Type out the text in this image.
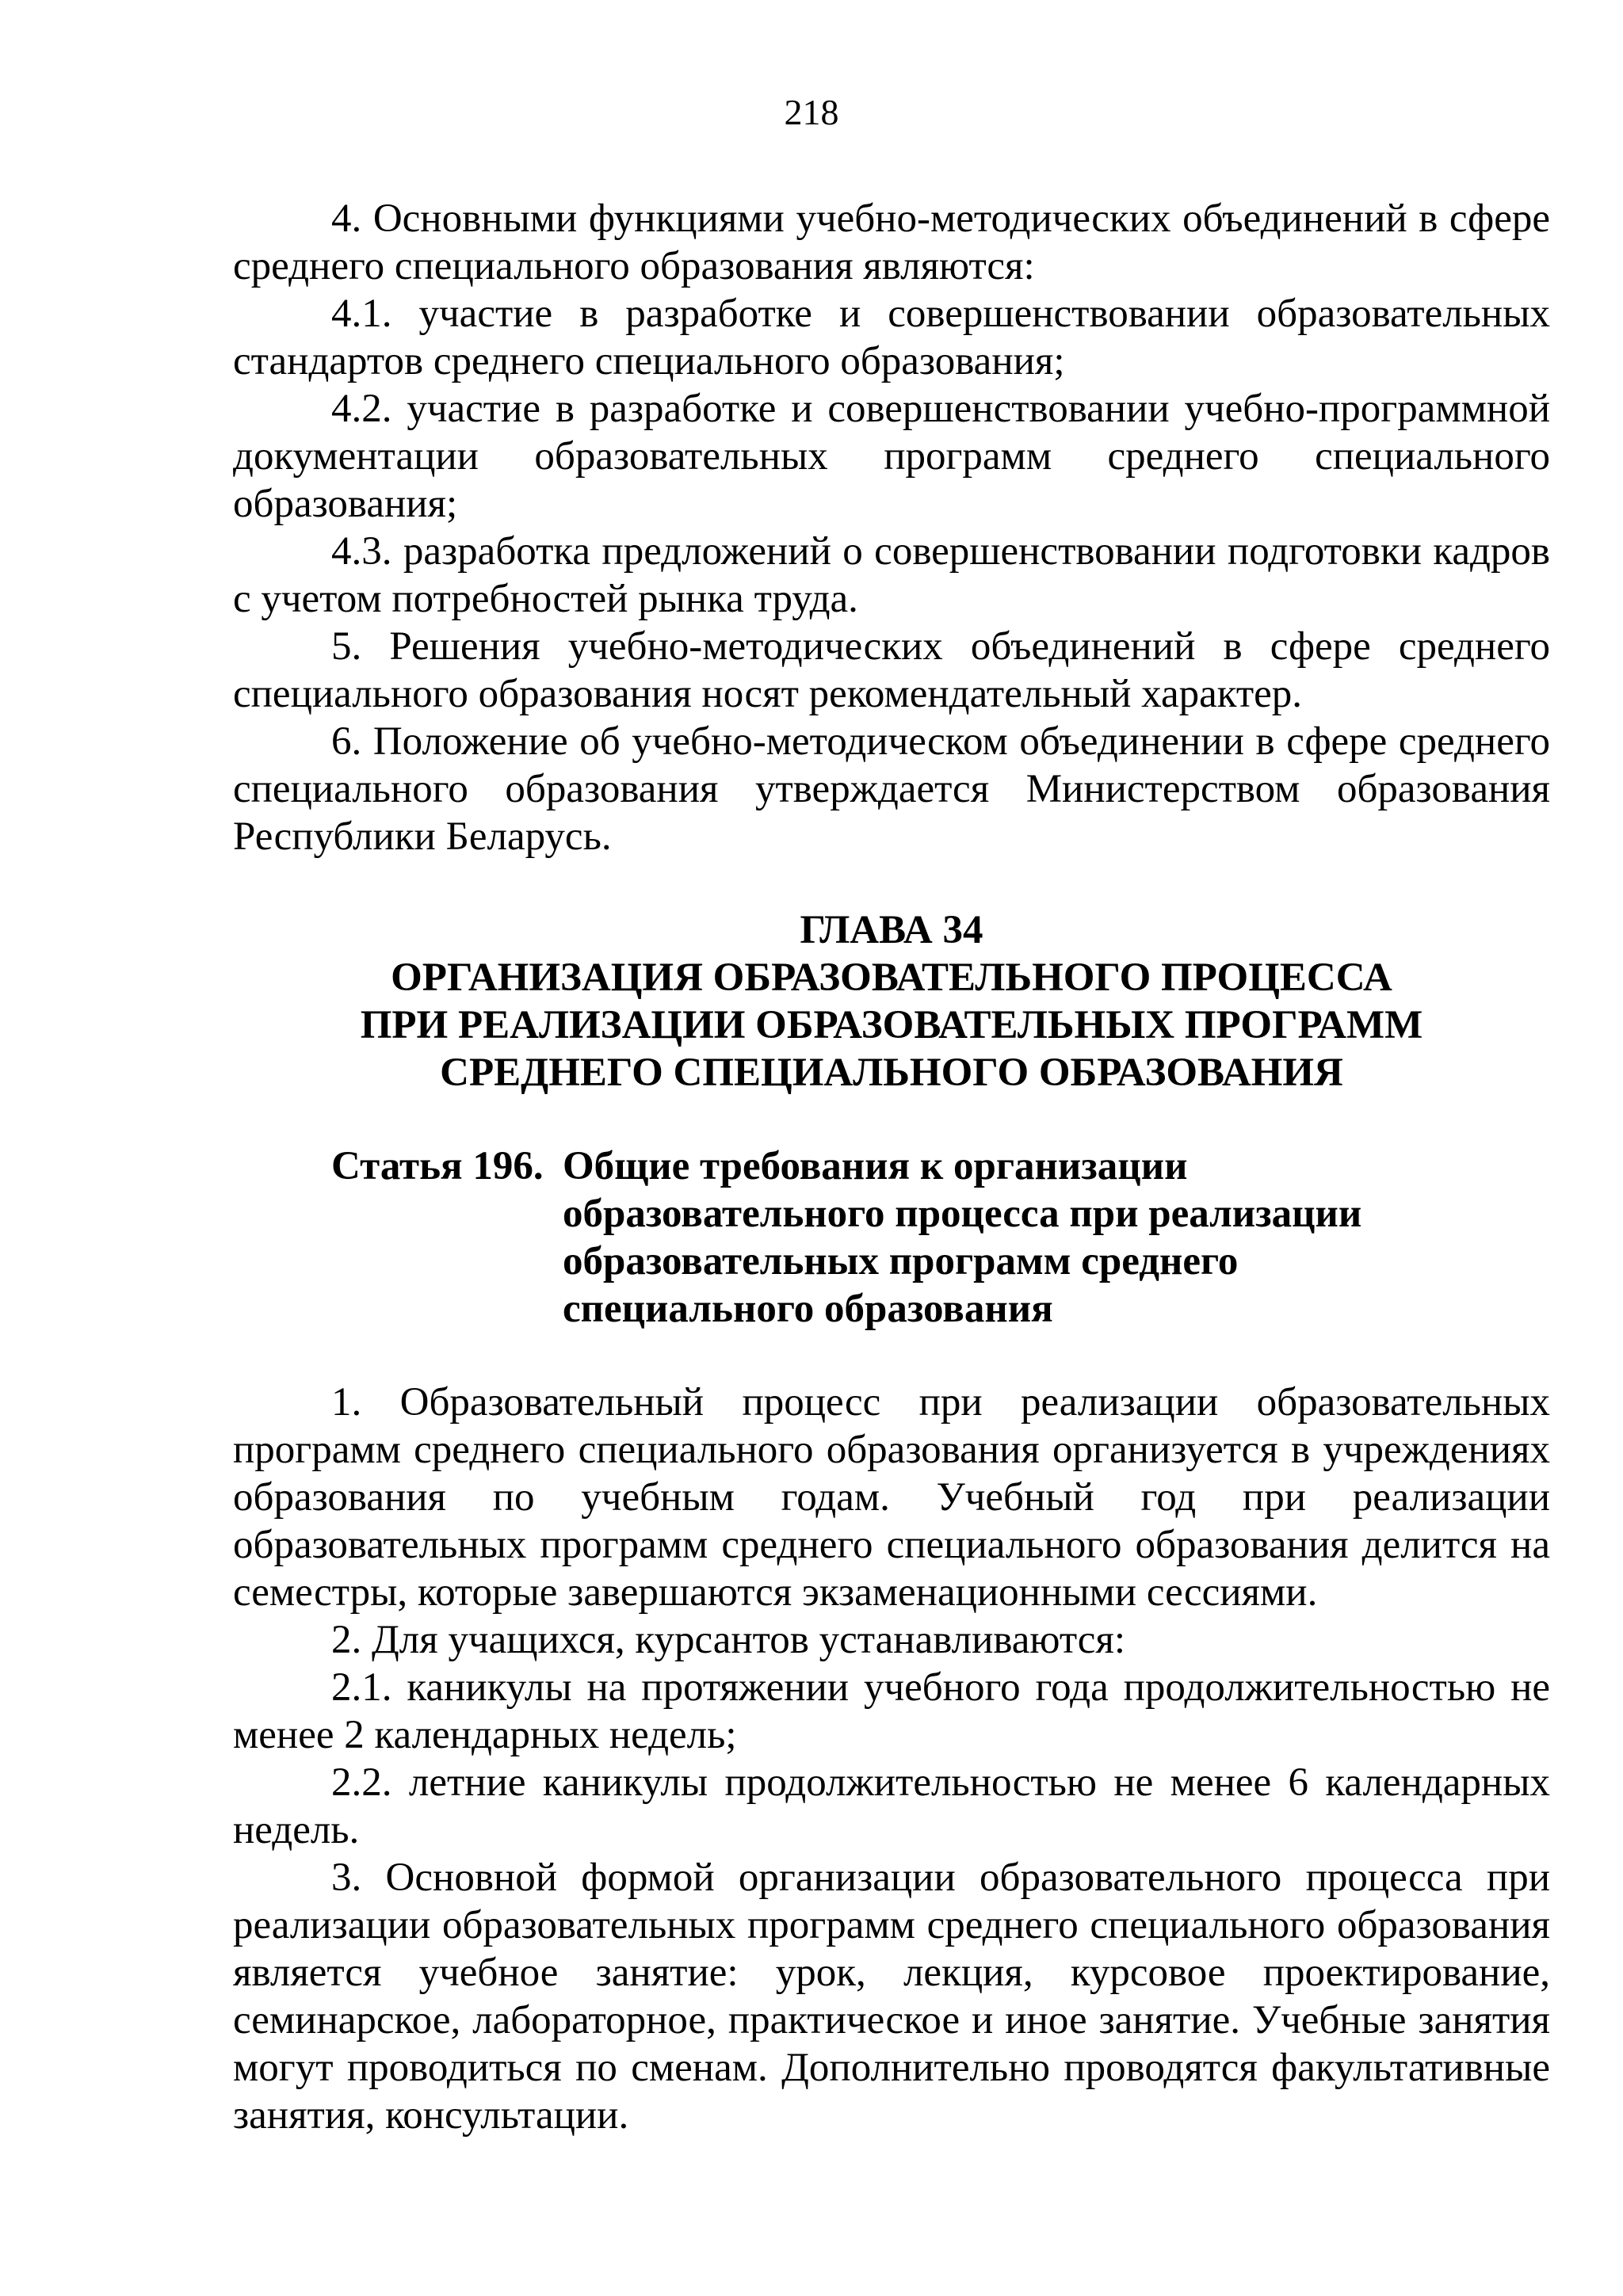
218

4. Основными функциями учебно-методических объединений в сфере среднего специального образования являются:

4.1. участие в разработке и совершенствовании образовательных стандартов среднего специального образования;

4.2. участие в разработке и совершенствовании учебно-программной документации образовательных программ среднего специального образования;

4.3. разработка предложений о совершенствовании подготовки кадров с учетом потребностей рынка труда.

5. Решения учебно-методических объединений в сфере среднего специального образования носят рекомендательный характер.

6. Положение об учебно-методическом объединении в сфере среднего специального образования утверждается Министерством образования Республики Беларусь.

ГЛАВА 34
ОРГАНИЗАЦИЯ ОБРАЗОВАТЕЛЬНОГО ПРОЦЕССА
ПРИ РЕАЛИЗАЦИИ ОБРАЗОВАТЕЛЬНЫХ ПРОГРАММ
СРЕДНЕГО СПЕЦИАЛЬНОГО ОБРАЗОВАНИЯ
Статья 196. Общие требования к организации
образовательного процесса при реализации
образовательных программ среднего
специального образования

1. Образовательный процесс при реализации образовательных программ среднего специального образования организуется в учреждениях образования по учебным годам. Учебный год при реализации образовательных программ среднего специального образования делится на семестры, которые завершаются экзаменационными сессиями.

2. Для учащихся, курсантов устанавливаются:

2.1. каникулы на протяжении учебного года продолжительностью не менее 2 календарных недель;

2.2. летние каникулы продолжительностью не менее 6 календарных недель.

3. Основной формой организации образовательного процесса при реализации образовательных программ среднего специального образования является учебное занятие: урок, лекция, курсовое проектирование, семинарское, лабораторное, практическое и иное занятие. Учебные занятия могут проводиться по сменам. Дополнительно проводятся факультативные занятия, консультации.
